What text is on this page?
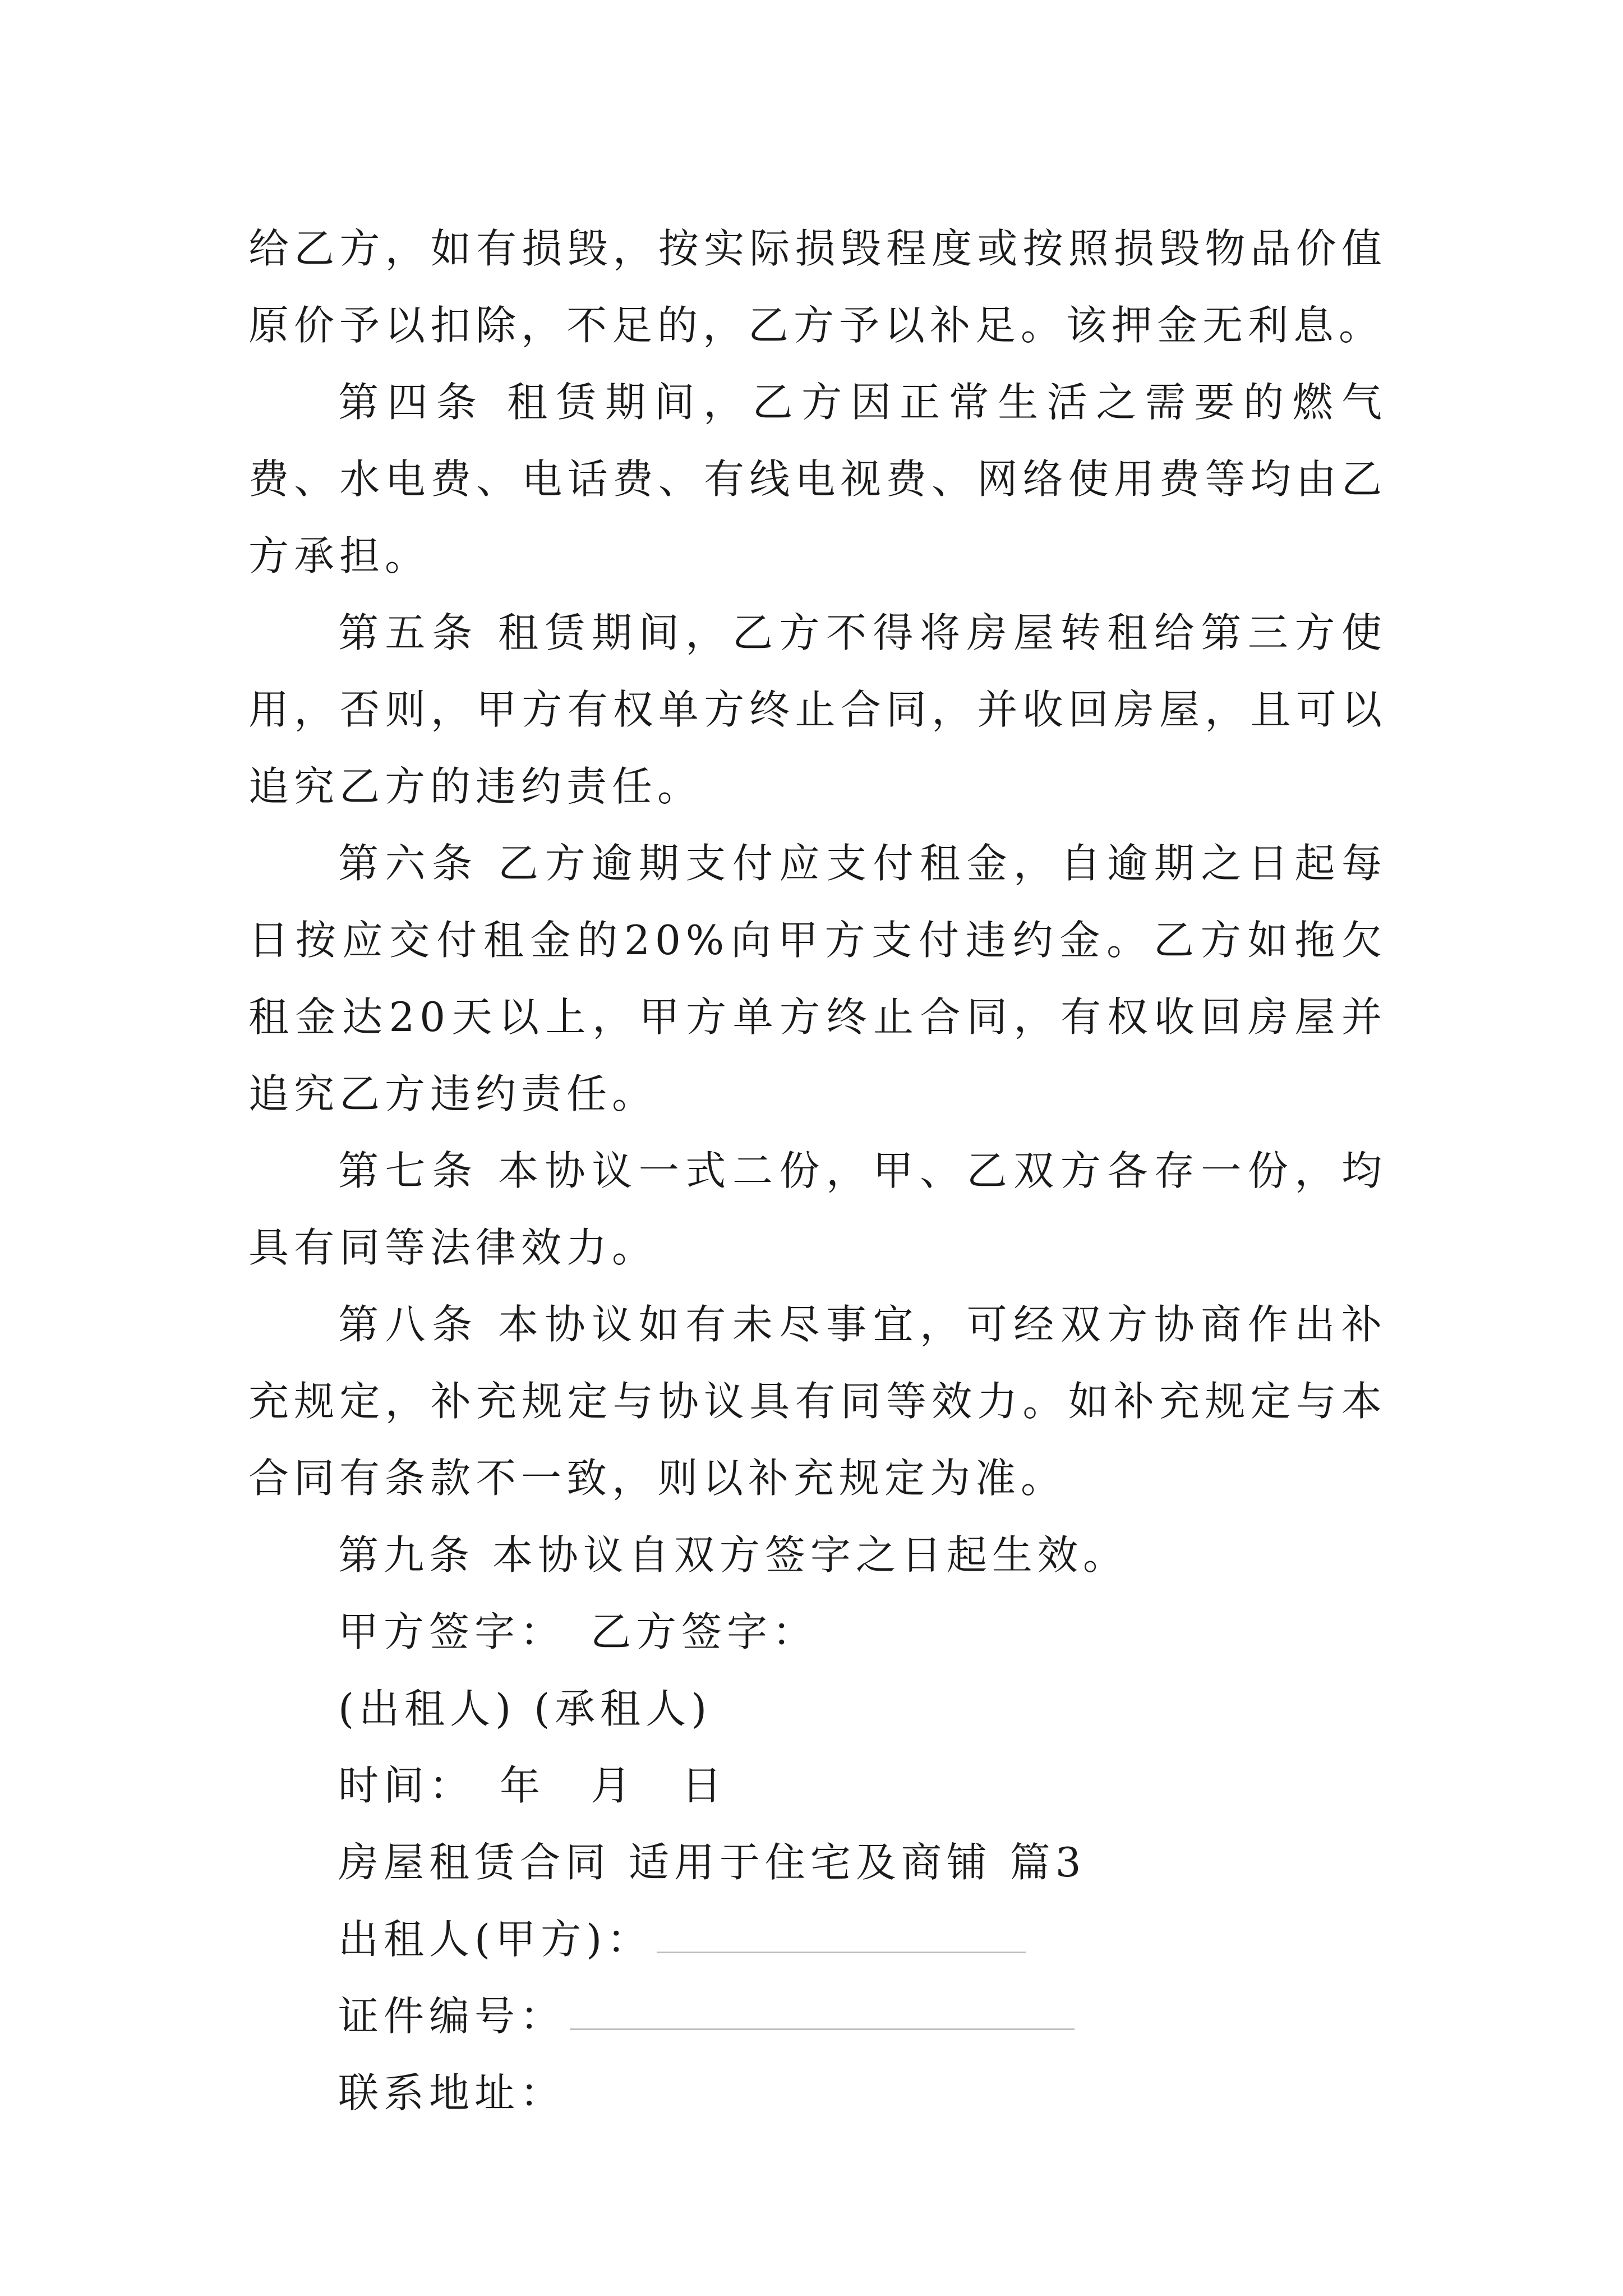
给乙方，如有损毁，按实际损毁程度或按照损毁物品价值原价予以扣除，不足的，乙方予以补足。该押金无利息。

第四条 租赁期间，乙方因正常生活之需要的燃气费、水电费、电话费、有线电视费、网络使用费等均由乙方承担。

第五条 租赁期间，乙方不得将房屋转租给第三方使用，否则，甲方有权单方终止合同，并收回房屋，且可以追究乙方的违约责任。

第六条 乙方逾期支付应支付租金，自逾期之日起每日按应交付租金的20%向甲方支付违约金。乙方如拖欠租金达20天以上，甲方单方终止合同，有权收回房屋并追究乙方违约责任。

第七条 本协议一式二份，甲、乙双方各存一份，均具有同等法律效力。

第八条 本协议如有未尽事宜，可经双方协商作出补充规定，补充规定与协议具有同等效力。如补充规定与本合同有条款不一致，则以补充规定为准。

第九条 本协议自双方签字之日起生效。

甲方签字：　乙方签字：

(出租人) (承租人)

时间：　年　月　日

房屋租赁合同 适用于住宅及商铺 篇3

出租人(甲方)：

证件编号：

联系地址：
